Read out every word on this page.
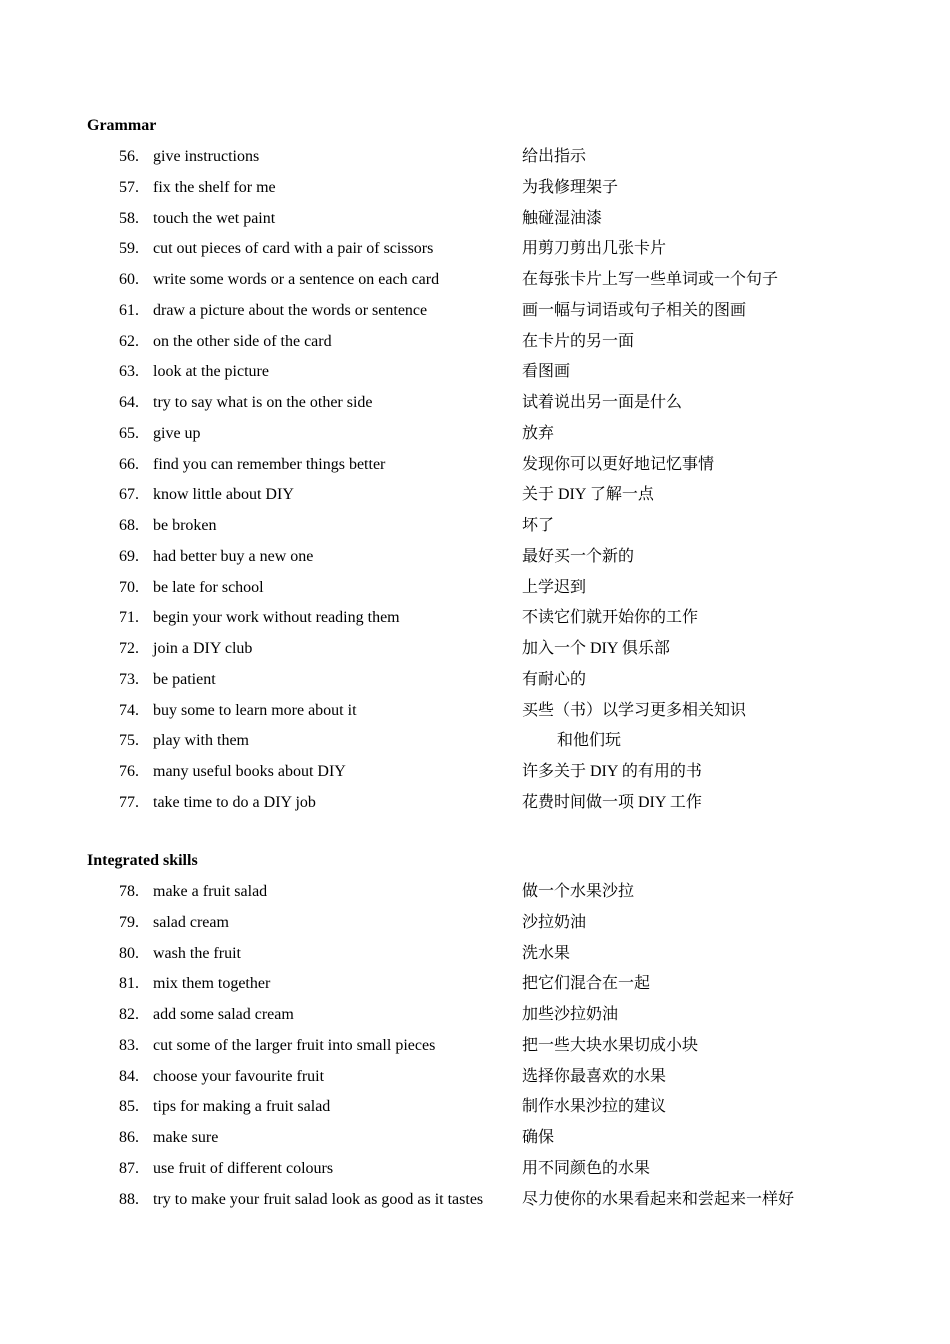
Grammar
56. give instructions	给出指示
57. fix the shelf for me	为我修理架子
58. touch the wet paint	触碰湿油漆
59. cut out pieces of card with a pair of scissors	用剪刀剪出几张卡片
60. write some words or a sentence on each card	在每张卡片上写一些单词或一个句子
61. draw a picture about the words or sentence	画一幅与词语或句子相关的图画
62. on the other side of the card	在卡片的另一面
63. look at the picture	看图画
64. try to say what is on the other side	试着说出另一面是什么
65. give up	放弃
66. find you can remember things better	发现你可以更好地记忆事情
67. know little about DIY	关于 DIY 了解一点
68. be broken	坏了
69. had better buy a new one	最好买一个新的
70. be late for school	上学迟到
71. begin your work without reading them	不读它们就开始你的工作
72. join a DIY club	加入一个 DIY 俱乐部
73. be patient	有耐心的
74. buy some to learn more about it	买些（书）以学习更多相关知识
75. play with them	和他们玩
76. many useful books about DIY	许多关于 DIY 的有用的书
77. take time to do a DIY job	花费时间做一项 DIY 工作
Integrated skills
78. make a fruit salad	做一个水果沙拉
79. salad cream	沙拉奶油
80. wash the fruit	洗水果
81. mix them together	把它们混合在一起
82. add some salad cream	加些沙拉奶油
83. cut some of the larger fruit into small pieces	把一些大块水果切成小块
84. choose your favourite fruit	选择你最喜欢的水果
85. tips for making a fruit salad	制作水果沙拉的建议
86. make sure	确保
87. use fruit of different colours	用不同颜色的水果
88. try to make your fruit salad look as good as it tastes 尽力使你的水果看起来和尝起来一样好
